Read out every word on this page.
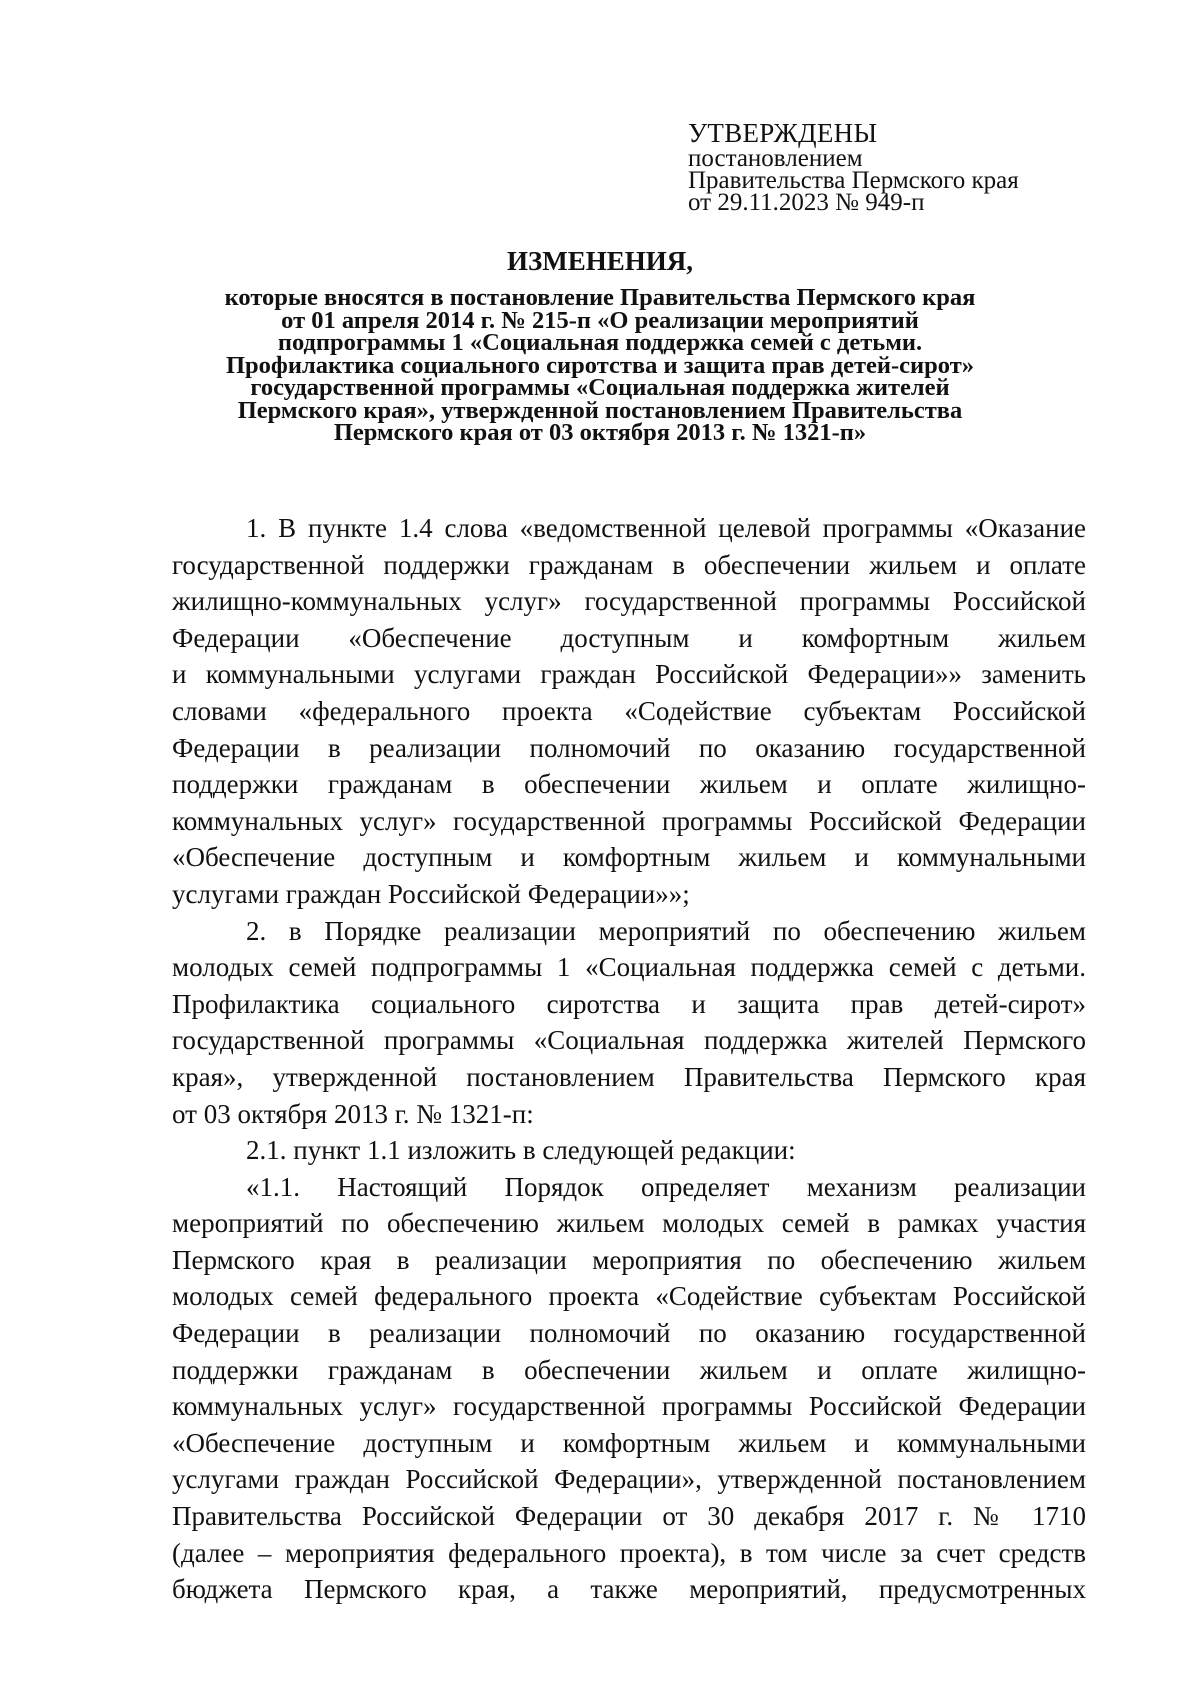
УТВЕРЖДЕНЫ
постановлением
Правительства Пермского края
от 29.11.2023 № 949-п
ИЗМЕНЕНИЯ,
которые вносятся в постановление Правительства Пермского края
от 01 апреля 2014 г. № 215-п «О реализации мероприятий
подпрограммы 1 «Социальная поддержка семей с детьми.
Профилактика социального сиротства и защита прав детей-сирот»
государственной программы «Социальная поддержка жителей
Пермского края», утвержденной постановлением Правительства
Пермского края от 03 октября 2013 г. № 1321-п»

1. В пункте 1.4 слова «ведомственной целевой программы «Оказание
государственной поддержки гражданам в обеспечении жильем и оплате
жилищно-коммунальных услуг» государственной программы Российской
Федерации «Обеспечение доступным и комфортным жильем
и коммунальными услугами граждан Российской Федерации»» заменить
словами «федерального проекта «Содействие субъектам Российской
Федерации в реализации полномочий по оказанию государственной
поддержки гражданам в обеспечении жильем и оплате жилищно-
коммунальных услуг» государственной программы Российской Федерации
«Обеспечение доступным и комфортным жильем и коммунальными
услугами граждан Российской Федерации»»;

2. в Порядке реализации мероприятий по обеспечению жильем
молодых семей подпрограммы 1 «Социальная поддержка семей с детьми.
Профилактика социального сиротства и защита прав детей-сирот»
государственной программы «Социальная поддержка жителей Пермского
края», утвержденной постановлением Правительства Пермского края
от 03 октября 2013 г. № 1321-п:

2.1. пункт 1.1 изложить в следующей редакции:

«1.1. Настоящий Порядок определяет механизм реализации
мероприятий по обеспечению жильем молодых семей в рамках участия
Пермского края в реализации мероприятия по обеспечению жильем
молодых семей федерального проекта «Содействие субъектам Российской
Федерации в реализации полномочий по оказанию государственной
поддержки гражданам в обеспечении жильем и оплате жилищно-
коммунальных услуг» государственной программы Российской Федерации
«Обеспечение доступным и комфортным жильем и коммунальными
услугами граждан Российской Федерации», утвержденной постановлением
Правительства Российской Федерации от 30 декабря 2017 г. № 1710
(далее – мероприятия федерального проекта), в том числе за счет средств
бюджета Пермского края, а также мероприятий, предусмотренных
